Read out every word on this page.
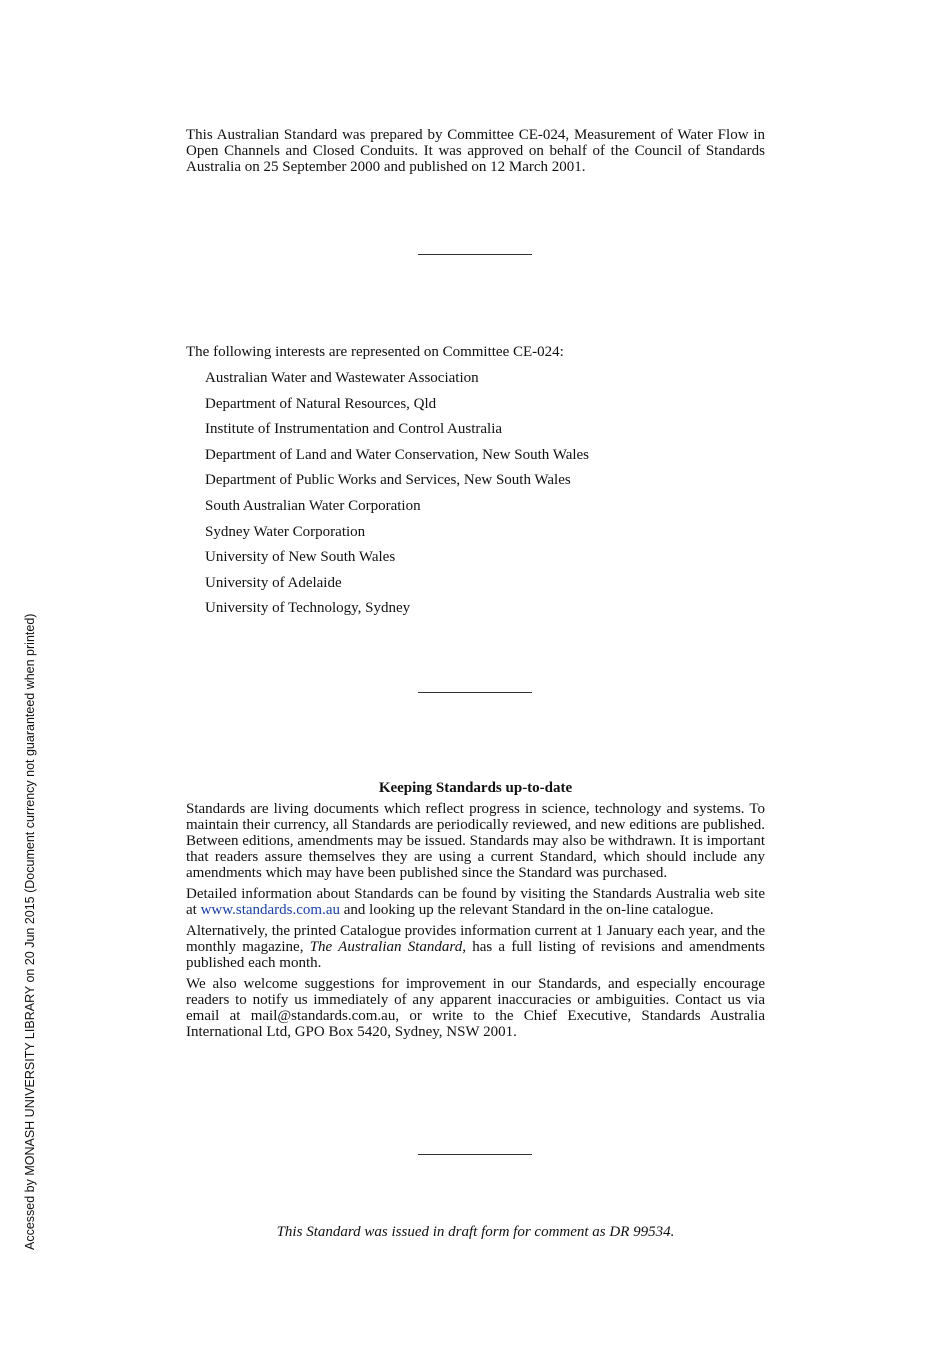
Accessed by MONASH UNIVERSITY LIBRARY on 20 Jun 2015 (Document currency not guaranteed when printed)

This Australian Standard was prepared by Committee CE-024, Measurement of Water Flow in Open Channels and Closed Conduits. It was approved on behalf of the Council of Standards Australia on 25 September 2000 and published on 12 March 2001.

The following interests are represented on Committee CE-024:

Australian Water and Wastewater Association
Department of Natural Resources, Qld
Institute of Instrumentation and Control Australia
Department of Land and Water Conservation, New South Wales
Department of Public Works and Services, New South Wales
South Australian Water Corporation
Sydney Water Corporation
University of New South Wales
University of Adelaide
University of Technology, Sydney
Keeping Standards up-to-date

Standards are living documents which reflect progress in science, technology and systems. To maintain their currency, all Standards are periodically reviewed, and new editions are published. Between editions, amendments may be issued. Standards may also be withdrawn. It is important that readers assure themselves they are using a current Standard, which should include any amendments which may have been published since the Standard was purchased.

Detailed information about Standards can be found by visiting the Standards Australia web site at www.standards.com.au and looking up the relevant Standard in the on-line catalogue.

Alternatively, the printed Catalogue provides information current at 1 January each year, and the monthly magazine, The Australian Standard, has a full listing of revisions and amendments published each month.

We also welcome suggestions for improvement in our Standards, and especially encourage readers to notify us immediately of any apparent inaccuracies or ambiguities. Contact us via email at mail@standards.com.au, or write to the Chief Executive, Standards Australia International Ltd, GPO Box 5420, Sydney, NSW 2001.

This Standard was issued in draft form for comment as DR 99534.
